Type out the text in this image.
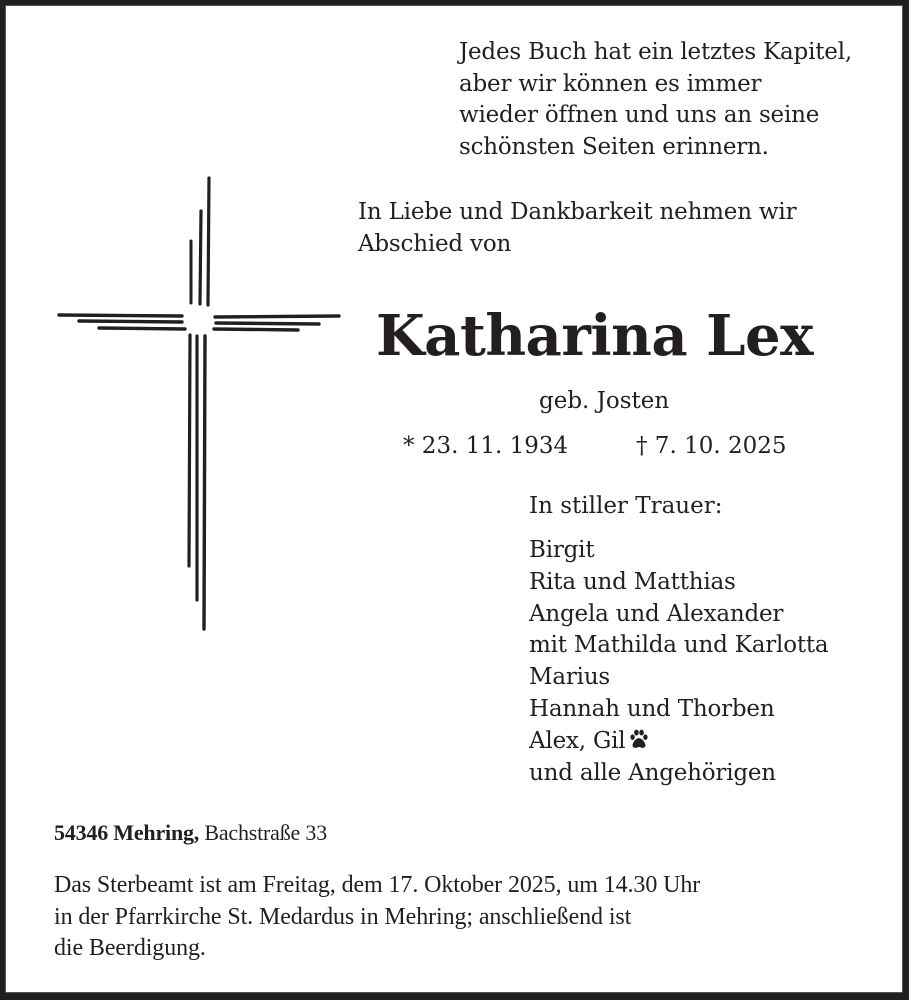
Jedes Buch hat ein letztes Kapitel,
aber wir können es immer
wieder öffnen und uns an seine
schönsten Seiten erinnern.
In Liebe und Dankbarkeit nehmen wir
Abschied von
Katharina Lex
geb. Josten
* 23. 11. 1934	† 7. 10. 2025
In stiller Trauer:
Birgit
Rita und Matthias
Angela und Alexander
mit Mathilda und Karlotta
Marius
Hannah und Thorben
Alex, Gil
und alle Angehörigen
54346 Mehring, Bachstraße 33
Das Sterbeamt ist am Freitag, dem 17. Oktober 2025, um 14.30 Uhr
in der Pfarrkirche St. Medardus in Mehring; anschließend ist
die Beerdigung.
